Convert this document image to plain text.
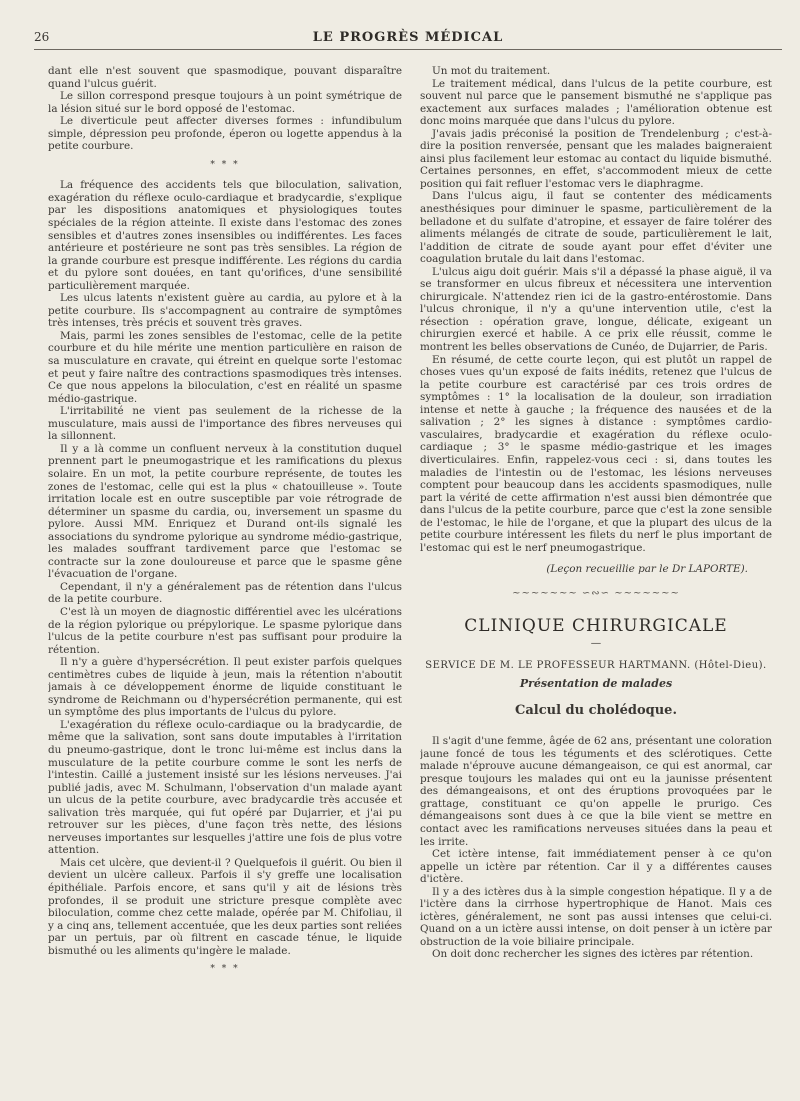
26	LE PROGRÈS MÉDICAL

dant elle n'est souvent que spasmodique, pouvant disparaître quand l'ulcus guérit.

Le sillon correspond presque toujours à un point symétrique de la lésion situé sur le bord opposé de l'estomac.

Le diverticule peut affecter diverses formes : infundibulum simple, dépression peu profonde, éperon ou logette appendus à la petite courbure.

* * *

La fréquence des accidents tels que biloculation, salivation, exagération du réflexe oculo-cardiaque et bradycardie, s'explique par les dispositions anatomiques et physiologiques toutes spéciales de la région atteinte. Il existe dans l'estomac des zones sensibles et d'autres zones insensibles ou indifférentes. Les faces antérieure et postérieure ne sont pas très sensibles. La région de la grande courbure est presque indifférente. Les régions du cardia et du pylore sont douées, en tant qu'orifices, d'une sensibilité particulièrement marquée.

Les ulcus latents n'existent guère au cardia, au pylore et à la petite courbure. Ils s'accompagnent au contraire de symptômes très intenses, très précis et souvent très graves.

Mais, parmi les zones sensibles de l'estomac, celle de la petite courbure et du hile mérite une mention particulière en raison de sa musculature en cravate, qui étreint en quelque sorte l'estomac et peut y faire naître des contractions spasmodiques très intenses. Ce que nous appelons la biloculation, c'est en réalité un spasme médio-gastrique.

L'irritabilité ne vient pas seulement de la richesse de la musculature, mais aussi de l'importance des fibres nerveuses qui la sillonnent.

Il y a là comme un confluent nerveux à la constitution duquel prennent part le pneumogastrique et les ramifications du plexus solaire. En un mot, la petite courbure représente, de toutes les zones de l'estomac, celle qui est la plus « chatouilleuse ». Toute irritation locale est en outre susceptible par voie rétrograde de déterminer un spasme du cardia, ou, inversement un spasme du pylore. Aussi MM. Enriquez et Durand ont-ils signalé les associations du syndrome pylorique au syndrome médio-gastrique, les malades souffrant tardivement parce que l'estomac se contracte sur la zone douloureuse et parce que le spasme gêne l'évacuation de l'organe.

Cependant, il n'y a généralement pas de rétention dans l'ulcus de la petite courbure.

C'est là un moyen de diagnostic différentiel avec les ulcérations de la région pylorique ou prépylorique. Le spasme pylorique dans l'ulcus de la petite courbure n'est pas suffisant pour produire la rétention.

Il n'y a guère d'hypersécrétion. Il peut exister parfois quelques centimètres cubes de liquide à jeun, mais la rétention n'aboutit jamais à ce développement énorme de liquide constituant le syndrome de Reichmann ou d'hypersécrétion permanente, qui est un symptôme des plus importants de l'ulcus du pylore.

L'exagération du réflexe oculo-cardiaque ou la bradycardie, de même que la salivation, sont sans doute imputables à l'irritation du pneumo-gastrique, dont le tronc lui-même est inclus dans la musculature de la petite courbure comme le sont les nerfs de l'intestin. Caillé a justement insisté sur les lésions nerveuses. J'ai publié jadis, avec M. Schulmann, l'observation d'un malade ayant un ulcus de la petite courbure, avec bradycardie très accusée et salivation très marquée, qui fut opéré par Dujarrier, et j'ai pu retrouver sur les pièces, d'une façon très nette, des lésions nerveuses importantes sur lesquelles j'attire une fois de plus votre attention.

Mais cet ulcère, que devient-il ? Quelquefois il guérit. Ou bien il devient un ulcère calleux. Parfois il s'y greffe une localisation épithéliale. Parfois encore, et sans qu'il y ait de lésions très profondes, il se produit une stricture presque complète avec biloculation, comme chez cette malade, opérée par M. Chifoliau, il y a cinq ans, tellement accentuée, que les deux parties sont reliées par un pertuis, par où filtrent en cascade ténue, le liquide bismuthé ou les aliments qu'ingère le malade.

* * *

Un mot du traitement.

Le traitement médical, dans l'ulcus de la petite courbure, est souvent nul parce que le pansement bismuthé ne s'applique pas exactement aux surfaces malades ; l'amélioration obtenue est donc moins marquée que dans l'ulcus du pylore.

J'avais jadis préconisé la position de Trendelenburg ; c'est-à-dire la position renversée, pensant que les malades baigneraient ainsi plus facilement leur estomac au contact du liquide bismuthé. Certaines personnes, en effet, s'accommodent mieux de cette position qui fait refluer l'estomac vers le diaphragme.

Dans l'ulcus aigu, il faut se contenter des médicaments anesthésiques pour diminuer le spasme, particulièrement de la belladone et du sulfate d'atropine, et essayer de faire tolérer des aliments mélangés de citrate de soude, particulièrement le lait, l'addition de citrate de soude ayant pour effet d'éviter une coagulation brutale du lait dans l'estomac.

L'ulcus aigu doit guérir. Mais s'il a dépassé la phase aiguë, il va se transformer en ulcus fibreux et nécessitera une intervention chirurgicale. N'attendez rien ici de la gastro-entérostomie. Dans l'ulcus chronique, il n'y a qu'une intervention utile, c'est la résection : opération grave, longue, délicate, exigeant un chirurgien exercé et habile. A ce prix elle réussit, comme le montrent les belles observations de Cunéo, de Dujarrier, de Paris.

En résumé, de cette courte leçon, qui est plutôt un rappel de choses vues qu'un exposé de faits inédits, retenez que l'ulcus de la petite courbure est caractérisé par ces trois ordres de symptômes : 1° la localisation de la douleur, son irradiation intense et nette à gauche ; la fréquence des nausées et de la salivation ; 2° les signes à distance : symptômes cardio-vasculaires, bradycardie et exagération du réflexe oculo-cardiaque ; 3° le spasme médio-gastrique et les images diverticulaires. Enfin, rappelez-vous ceci : si, dans toutes les maladies de l'intestin ou de l'estomac, les lésions nerveuses comptent pour beaucoup dans les accidents spasmodiques, nulle part la vérité de cette affirmation n'est aussi bien démontrée que dans l'ulcus de la petite courbure, parce que c'est la zone sensible de l'estomac, le hile de l'organe, et que la plupart des ulcus de la petite courbure intéressent les filets du nerf le plus important de l'estomac qui est le nerf pneumogastrique.

(Leçon recueillie par le Dr LAPORTE).
~~~~~~~ ∽∾∽ ~~~~~~~
CLINIQUE CHIRURGICALE
—
SERVICE DE M. LE PROFESSEUR HARTMANN. (Hôtel-Dieu).
Présentation de malades
Calcul du cholédoque.

Il s'agit d'une femme, âgée de 62 ans, présentant une coloration jaune foncé de tous les téguments et des sclérotiques. Cette malade n'éprouve aucune démangeaison, ce qui est anormal, car presque toujours les malades qui ont eu la jaunisse présentent des démangeaisons, et ont des éruptions provoquées par le grattage, constituant ce qu'on appelle le prurigo. Ces démangeaisons sont dues à ce que la bile vient se mettre en contact avec les ramifications nerveuses situées dans la peau et les irrite.

Cet ictère intense, fait immédiatement penser à ce qu'on appelle un ictère par rétention. Car il y a différentes causes d'ictère.

Il y a des ictères dus à la simple congestion hépatique. Il y a de l'ictère dans la cirrhose hypertrophique de Hanot. Mais ces ictères, généralement, ne sont pas aussi intenses que celui-ci. Quand on a un ictère aussi intense, on doit penser à un ictère par obstruction de la voie biliaire principale.

On doit donc rechercher les signes des ictères par rétention.
